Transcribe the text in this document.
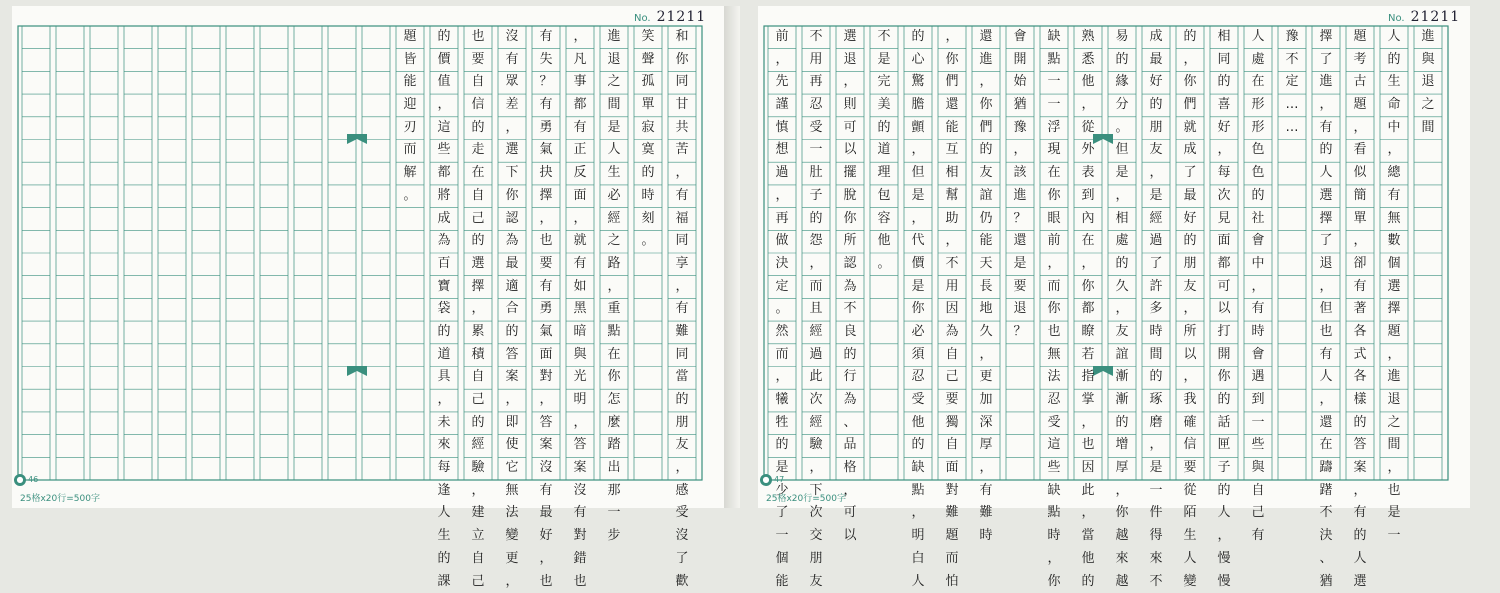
No. 21211
和
你
同
甘
共
苦
，
有
福
同
享
，
有
難
同
當
的
朋
友
，
感
受
沒
了
歡
笑
聲
孤
單
寂
寞
的
時
刻
。
進
退
之
間
是
人
生
必
經
之
路
，
重
點
在
你
怎
麼
踏
出
那
一
步
，
凡
事
都
有
正
反
面
，
就
有
如
黑
暗
與
光
明
，
答
案
沒
有
對
錯
也
有
失
？
有
勇
氣
抉
擇
，
也
要
有
勇
氣
面
對
，
答
案
沒
有
最
好
，
也
沒
有
眾
差
，
選
下
你
認
為
最
適
合
的
答
案
，
即
使
它
無
法
變
更
，
也
要
自
信
的
走
在
自
己
的
選
擇
，
累
積
自
己
的
經
驗
，
建
立
自
己
的
價
值
，
這
些
都
將
成
為
百
寶
袋
的
道
具
，
未
來
每
逢
人
生
的
課
題
皆
能
迎
刃
而
解
。
● 46
25格x20行=500字
No. 21211
進
與
退
之
間
人
的
生
命
中
，
總
有
無
數
個
選
擇
題
，
進
退
之
間
，
也
是
一
題
考
古
題
，
看
似
簡
單
，
卻
有
著
各
式
各
樣
的
答
案
，
有
的
人
選
擇
了
進
，
有
的
人
選
擇
了
退
，
但
也
有
人
，
還
在
躊
躇
不
決
、
猶
豫
不
定
…
…
人
處
在
形
形
色
色
的
社
會
中
，
有
時
會
遇
到
一
些
與
自
己
有
相
同
的
喜
好
，
每
次
見
面
都
可
以
打
開
你
的
話
匣
子
的
人
，
慢
慢
的
，
你
們
就
成
了
最
好
的
朋
友
，
所
以
，
我
確
信
要
從
陌
生
人
變
成
最
好
的
朋
友
，
是
經
過
了
許
多
時
間
的
琢
磨
，
是
一
件
得
來
不
易
的
緣
分
。
但
是
，
相
處
的
久
，
友
誼
漸
漸
的
增
厚
，
你
越
來
越
熟
悉
他
，
從
外
表
到
內
在
，
你
都
瞭
若
指
掌
，
也
因
此
，
當
他
的
缺
點
一
一
浮
現
在
你
眼
前
，
而
你
也
無
法
忍
受
這
些
缺
點
時
，
你
會
開
始
猶
豫
，
該
進
？
還
是
要
退
？
還
進
，
你
們
的
友
誼
仍
能
天
長
地
久
，
更
加
深
厚
，
有
難
時
，
你
們
還
能
互
相
幫
助
，
不
用
因
為
自
己
要
獨
自
面
對
難
題
而
怕
的
心
驚
膽
顫
，
但
是
，
代
價
是
你
必
須
忍
受
他
的
缺
點
，
明
白
人
不
是
完
美
的
道
理
包
容
他
。
選
退
，
則
可
以
擺
脫
你
所
認
為
不
良
的
行
為
、
品
格
，
可
以
不
用
再
忍
受
一
肚
子
的
怨
，
而
且
經
過
此
次
經
驗
，
下
次
交
朋
友
前
，
先
謹
慎
想
過
，
再
做
決
定
。
然
而
，
犧
牲
的
是
少
了
一
個
能
● 47
25格x20行=500字
